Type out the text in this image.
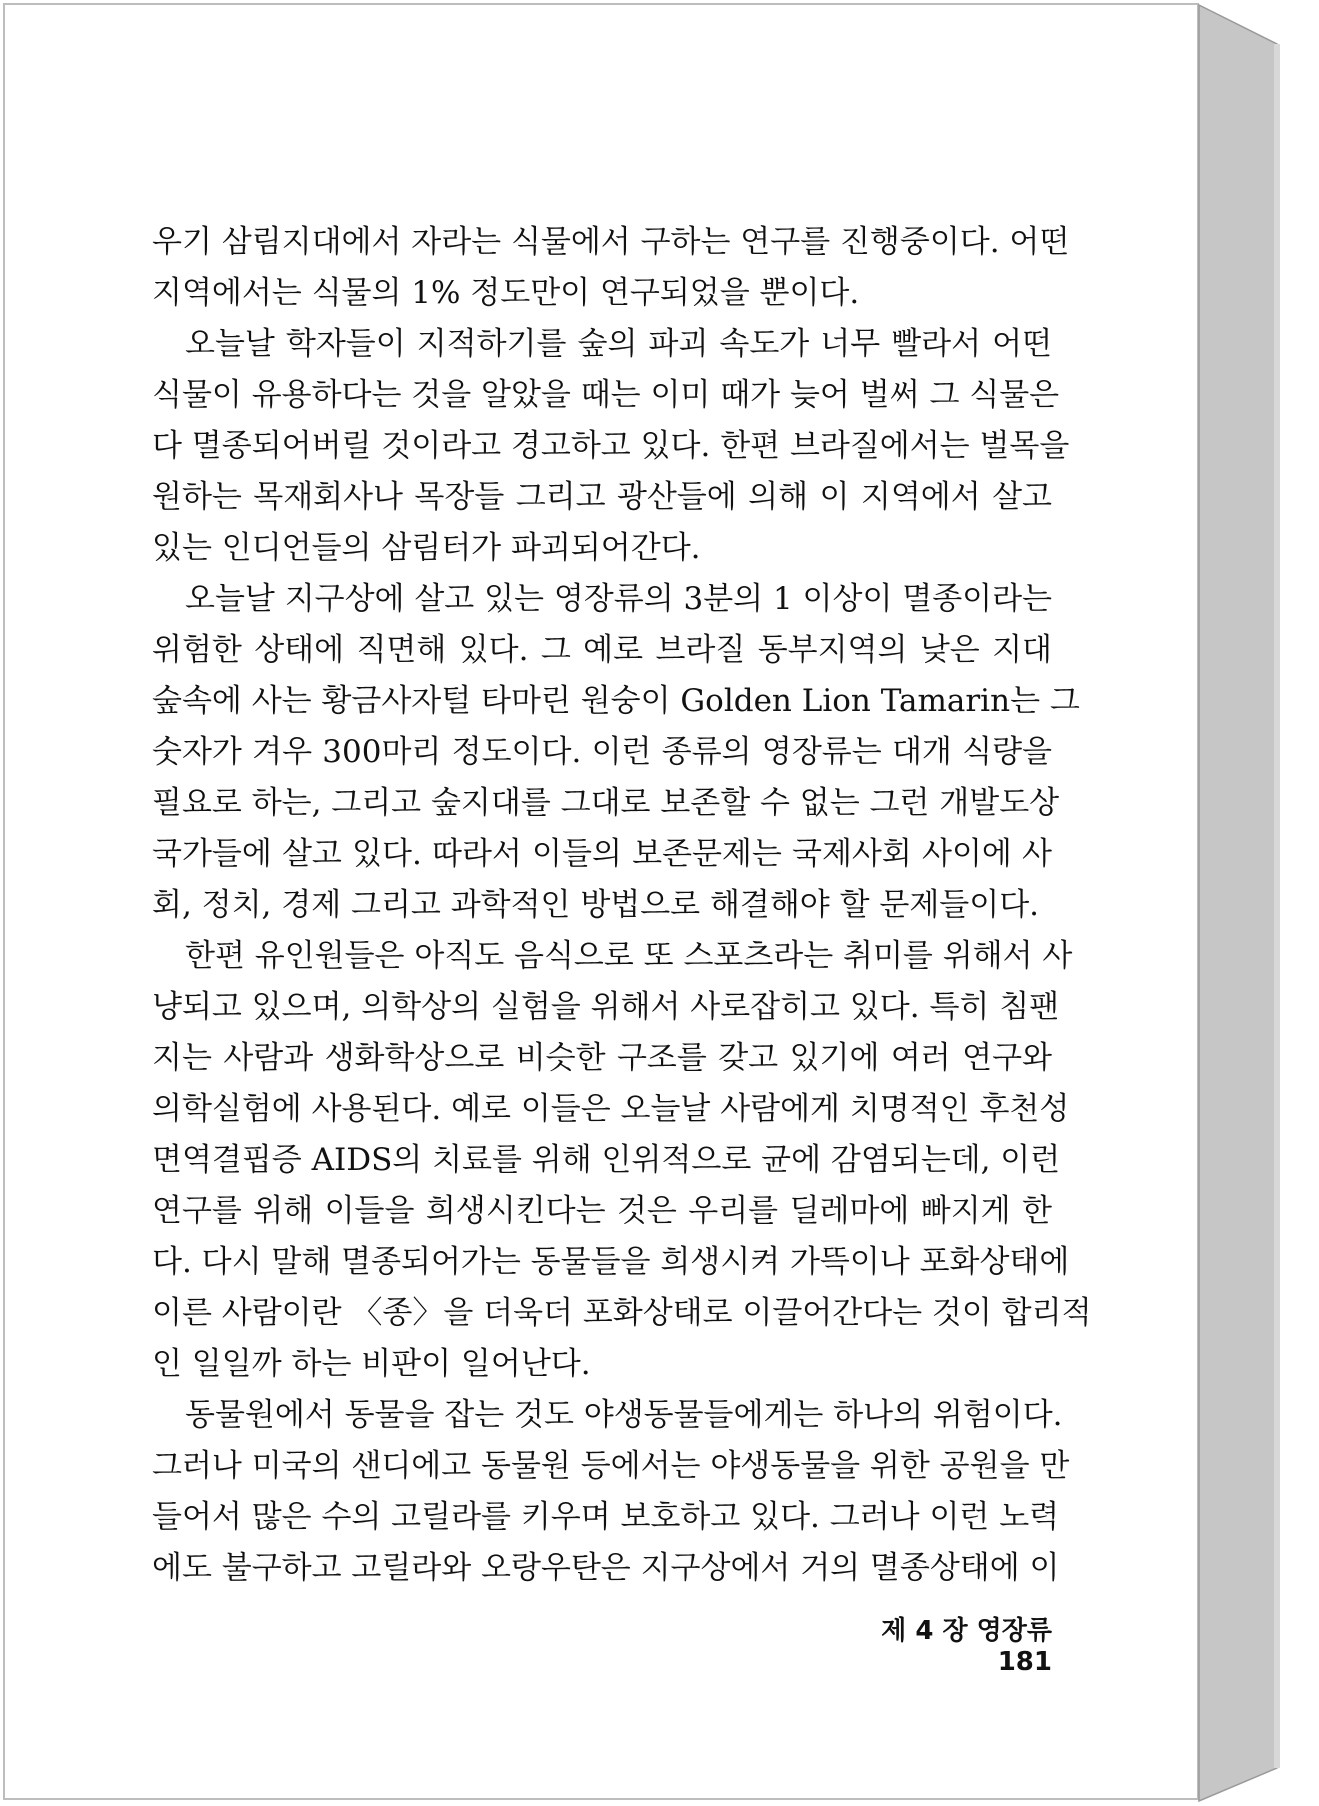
우기 삼림지대에서 자라는 식물에서 구하는 연구를 진행중이다. 어떤
지역에서는 식물의 1% 정도만이 연구되었을 뿐이다.
오늘날 학자들이 지적하기를 숲의 파괴 속도가 너무 빨라서 어떤
식물이 유용하다는 것을 알았을 때는 이미 때가 늦어 벌써 그 식물은
다 멸종되어버릴 것이라고 경고하고 있다. 한편 브라질에서는 벌목을
원하는 목재회사나 목장들 그리고 광산들에 의해 이 지역에서 살고
있는 인디언들의 삼림터가 파괴되어간다.
오늘날 지구상에 살고 있는 영장류의 3분의 1 이상이 멸종이라는
위험한 상태에 직면해 있다. 그 예로 브라질 동부지역의 낮은 지대
숲속에 사는 황금사자털 타마린 원숭이 Golden Lion Tamarin는 그
숫자가 겨우 300마리 정도이다. 이런 종류의 영장류는 대개 식량을
필요로 하는, 그리고 숲지대를 그대로 보존할 수 없는 그런 개발도상
국가들에 살고 있다. 따라서 이들의 보존문제는 국제사회 사이에 사
회, 정치, 경제 그리고 과학적인 방법으로 해결해야 할 문제들이다.
한편 유인원들은 아직도 음식으로 또 스포츠라는 취미를 위해서 사
냥되고 있으며, 의학상의 실험을 위해서 사로잡히고 있다. 특히 침팬
지는 사람과 생화학상으로 비슷한 구조를 갖고 있기에 여러 연구와
의학실험에 사용된다. 예로 이들은 오늘날 사람에게 치명적인 후천성
면역결핍증 AIDS의 치료를 위해 인위적으로 균에 감염되는데, 이런
연구를 위해 이들을 희생시킨다는 것은 우리를 딜레마에 빠지게 한
다. 다시 말해 멸종되어가는 동물들을 희생시켜 가뜩이나 포화상태에
이른 사람이란 〈종〉을 더욱더 포화상태로 이끌어간다는 것이 합리적
인 일일까 하는 비판이 일어난다.
동물원에서 동물을 잡는 것도 야생동물들에게는 하나의 위험이다.
그러나 미국의 샌디에고 동물원 등에서는 야생동물을 위한 공원을 만
들어서 많은 수의 고릴라를 키우며 보호하고 있다. 그러나 이런 노력
에도 불구하고 고릴라와 오랑우탄은 지구상에서 거의 멸종상태에 이
제 4 장 영장류181
